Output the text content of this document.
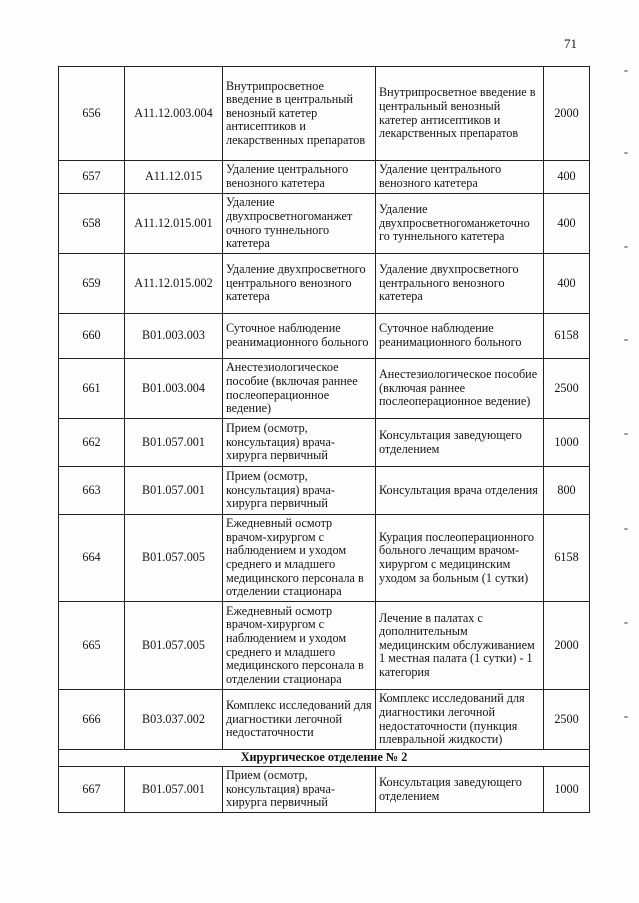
71
656	A11.12.003.004	Внутрипросветное введение в центральный венозный катетер антисептиков и лекарственных препаратов	Внутрипросветное введение в центральный венозный катетер антисептиков и лекарственных препаратов	2000
657	A11.12.015	Удаление центрального венозного катетера	Удаление центрального венозного катетера	400
658	A11.12.015.001	Удаление двухпросветногоманжет очного туннельного катетера	Удаление двухпросветногоманжеточно го туннельного катетера	400
659	A11.12.015.002	Удаление двухпросветного центрального венозного катетера	Удаление двухпросветного центрального венозного катетера	400
660	B01.003.003	Суточное наблюдение реанимационного больного	Суточное наблюдение реанимационного больного	6158
661	B01.003.004	Анестезиологическое пособие (включая раннее послеоперационное ведение)	Анестезиологическое пособие (включая раннее послеоперационное ведение)	2500
662	B01.057.001	Прием (осмотр, консультация) врача-хирурга первичный	Консультация заведующего отделением	1000
663	B01.057.001	Прием (осмотр, консультация) врача-хирурга первичный	Консультация врача отделения	800
664	B01.057.005	Ежедневный осмотр врачом-хирургом с наблюдением и уходом среднего и младшего медицинского персонала в отделении стационара	Курация послеоперационного больного лечащим врачом-хирургом с медицинским уходом за больным (1 сутки)	6158
665	B01.057.005	Ежедневный осмотр врачом-хирургом с наблюдением и уходом среднего и младшего медицинского персонала в отделении стационара	Лечение в палатах с дополнительным медицинским обслуживанием 1 местная палата (1 сутки) - 1 категория	2000
666	B03.037.002	Комплекс исследований для диагностики легочной недостаточности	Комплекс исследований для диагностики легочной недостаточности (пункция плевральной жидкости)	2500
Хирургическое отделение № 2				
667	B01.057.001	Прием (осмотр, консультация) врача-хирурга первичный	Консультация заведующего отделением	1000
